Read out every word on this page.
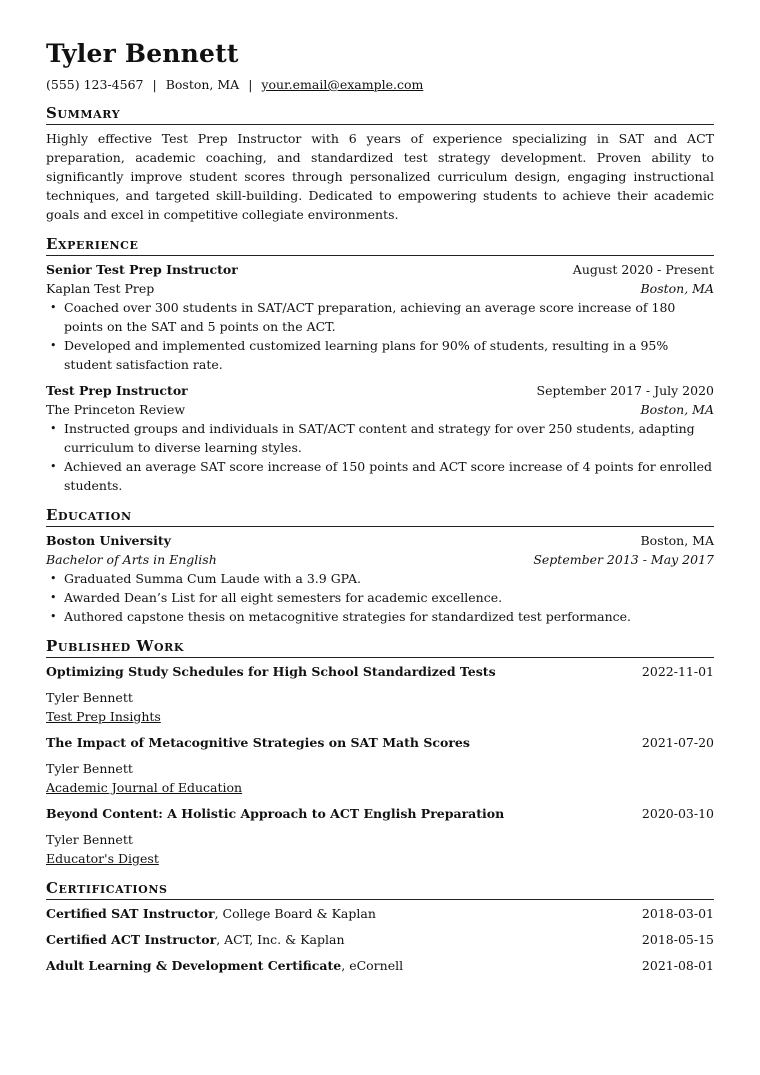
Tyler Bennett
(555) 123-4567 | Boston, MA | your.email@example.com
Summary
Highly effective Test Prep Instructor with 6 years of experience specializing in SAT and ACT preparation, academic coaching, and standardized test strategy development. Proven ability to significantly improve student scores through personalized curriculum design, engaging instructional techniques, and targeted skill-building. Dedicated to empowering students to achieve their academic goals and excel in competitive collegiate environments.
Experience
Senior Test Prep Instructor	August 2020 - Present
Kaplan Test Prep	Boston, MA
• Coached over 300 students in SAT/ACT preparation, achieving an average score increase of 180 points on the SAT and 5 points on the ACT.
• Developed and implemented customized learning plans for 90% of students, resulting in a 95% student satisfaction rate.
Test Prep Instructor	September 2017 - July 2020
The Princeton Review	Boston, MA
• Instructed groups and individuals in SAT/ACT content and strategy for over 250 students, adapting curriculum to diverse learning styles.
• Achieved an average SAT score increase of 150 points and ACT score increase of 4 points for enrolled students.
Education
Boston University	Boston, MA
Bachelor of Arts in English	September 2013 - May 2017
• Graduated Summa Cum Laude with a 3.9 GPA.
• Awarded Dean’s List for all eight semesters for academic excellence.
• Authored capstone thesis on metacognitive strategies for standardized test performance.
Published Work
Optimizing Study Schedules for High School Standardized Tests	2022-11-01
Tyler Bennett
Test Prep Insights
The Impact of Metacognitive Strategies on SAT Math Scores	2021-07-20
Tyler Bennett
Academic Journal of Education
Beyond Content: A Holistic Approach to ACT English Preparation	2020-03-10
Tyler Bennett
Educator's Digest
Certifications
Certified SAT Instructor, College Board & Kaplan	2018-03-01
Certified ACT Instructor, ACT, Inc. & Kaplan	2018-05-15
Adult Learning & Development Certificate, eCornell	2021-08-01
